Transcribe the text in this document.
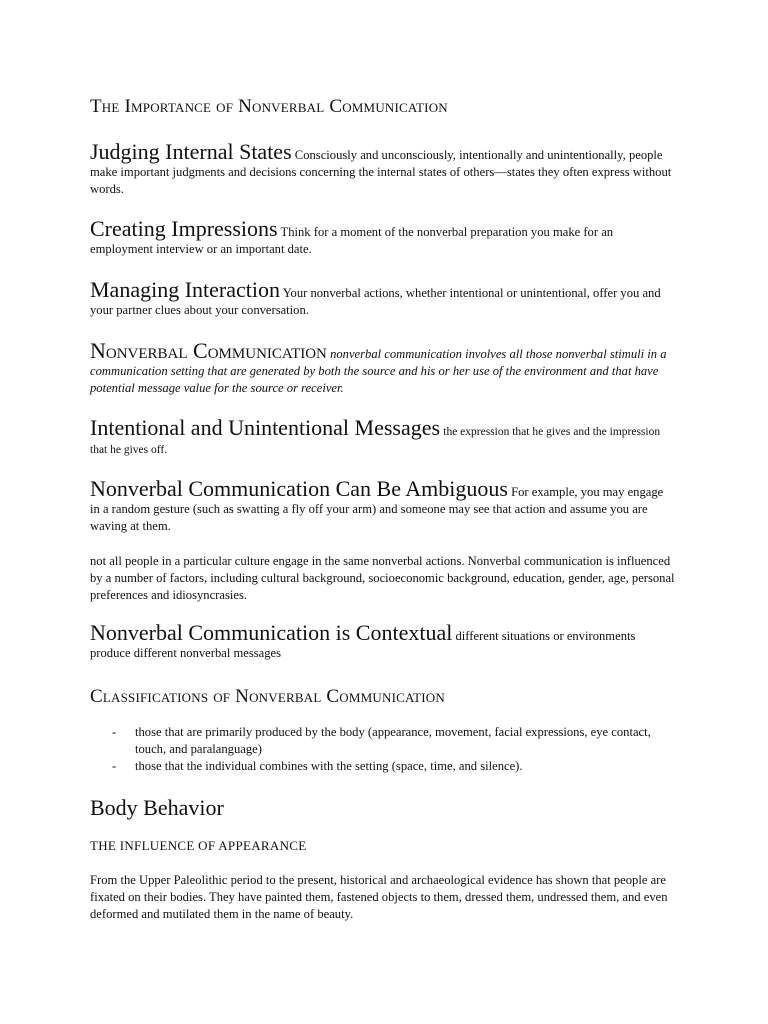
The Importance of Nonverbal Communication

Judging Internal States Consciously and unconsciously, intentionally and unintentionally, people make important judgments and decisions concerning the internal states of others—states they often express without words.

Creating Impressions Think for a moment of the nonverbal preparation you make for an employment interview or an important date.

Managing Interaction Your nonverbal actions, whether intentional or unintentional, offer you and your partner clues about your conversation.

Nonverbal Communication nonverbal communication involves all those nonverbal stimuli in a communication setting that are generated by both the source and his or her use of the environment and that have potential message value for the source or receiver.

Intentional and Unintentional Messages the expression that he gives and the impression that he gives off.

Nonverbal Communication Can Be Ambiguous For example, you may engage in a random gesture (such as swatting a fly off your arm) and someone may see that action and assume you are waving at them.

not all people in a particular culture engage in the same nonverbal actions. Nonverbal communication is influenced by a number of factors, including cultural background, socioeconomic background, education, gender, age, personal preferences and idiosyncrasies.

Nonverbal Communication is Contextual different situations or environments produce different nonverbal messages

Classifications of Nonverbal Communication
- those that are primarily produced by the body (appearance, movement, facial expressions, eye contact, touch, and paralanguage)
- those that the individual combines with the setting (space, time, and silence).
Body Behavior
THE INFLUENCE OF APPEARANCE

From the Upper Paleolithic period to the present, historical and archaeological evidence has shown that people are fixated on their bodies. They have painted them, fastened objects to them, dressed them, undressed them, and even deformed and mutilated them in the name of beauty.
